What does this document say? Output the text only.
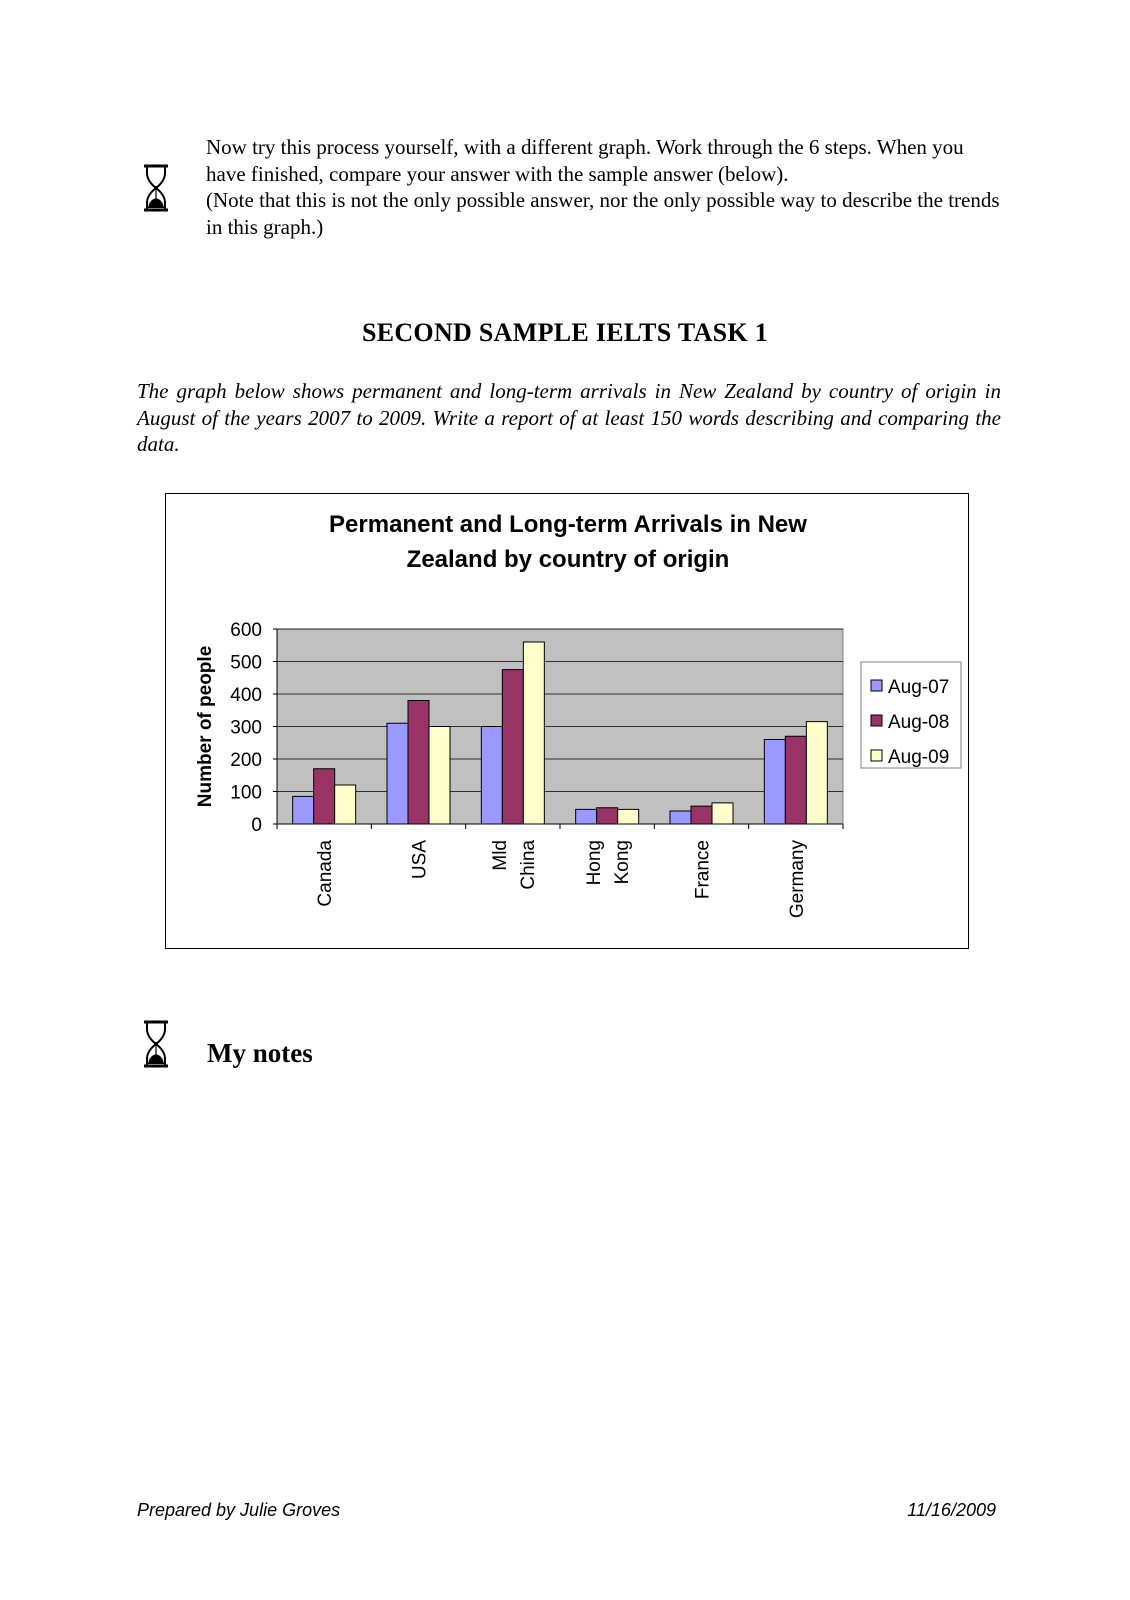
Now try this process yourself, with a different graph. Work through the 6 steps. When you have finished, compare your answer with the sample answer (below).

(Note that this is not the only possible answer, nor the only possible way to describe the trends in this graph.)

SECOND SAMPLE IELTS TASK 1

The graph below shows permanent and long-term arrivals in New Zealand by country of origin in August of the years 2007 to 2009. Write a report of at least 150 words describing and comparing the data.

Permanent and Long-term Arrivals in New
Zealand by country of origin
0
100
200
300
400
500
600
Number of people
Canada	USA	Mld China Hong Kong	France	Germany
Aug-07
Aug-08
Aug-09
My notes
Prepared by Julie Groves	11/16/2009
